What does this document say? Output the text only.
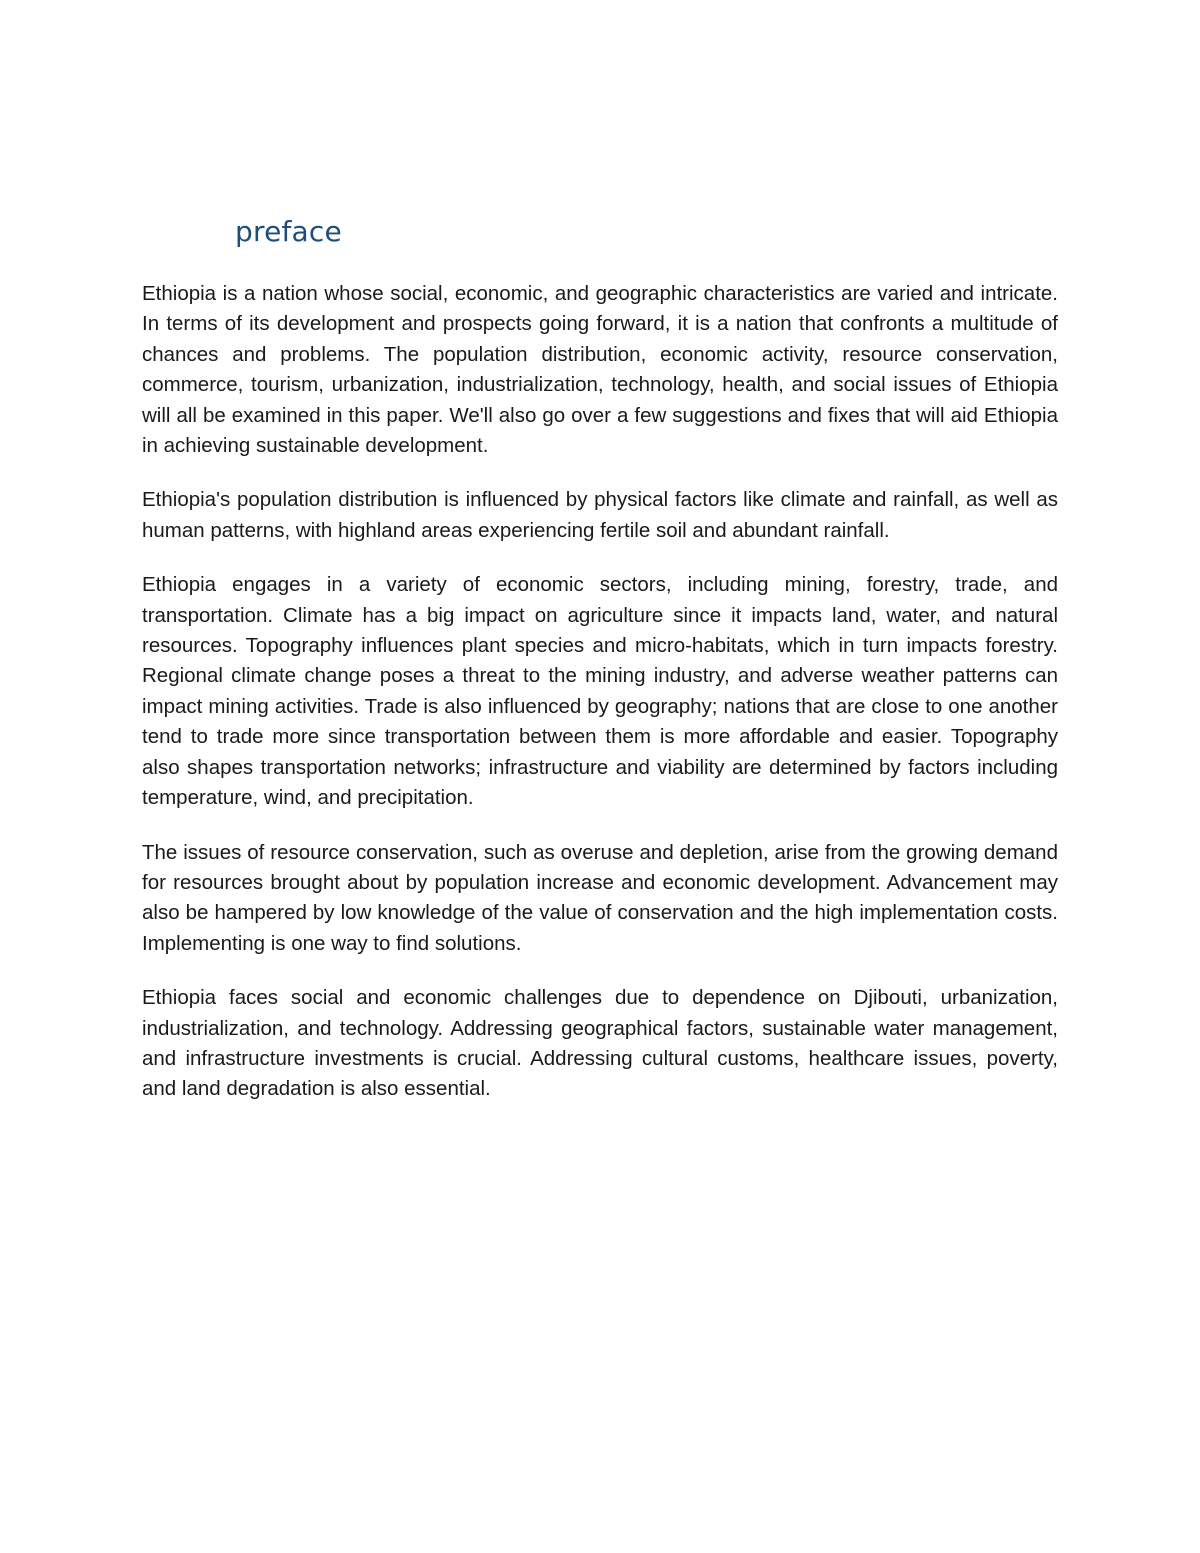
preface

Ethiopia is a nation whose social, economic, and geographic characteristics are varied and intricate. In terms of its development and prospects going forward, it is a nation that confronts a multitude of chances and problems. The population distribution, economic activity, resource conservation, commerce, tourism, urbanization, industrialization, technology, health, and social issues of Ethiopia will all be examined in this paper. We'll also go over a few suggestions and fixes that will aid Ethiopia in achieving sustainable development.

Ethiopia's population distribution is influenced by physical factors like climate and rainfall, as well as human patterns, with highland areas experiencing fertile soil and abundant rainfall.

Ethiopia engages in a variety of economic sectors, including mining, forestry, trade, and transportation. Climate has a big impact on agriculture since it impacts land, water, and natural resources. Topography influences plant species and micro-habitats, which in turn impacts forestry. Regional climate change poses a threat to the mining industry, and adverse weather patterns can impact mining activities. Trade is also influenced by geography; nations that are close to one another tend to trade more since transportation between them is more affordable and easier. Topography also shapes transportation networks; infrastructure and viability are determined by factors including temperature, wind, and precipitation.

The issues of resource conservation, such as overuse and depletion, arise from the growing demand for resources brought about by population increase and economic development. Advancement may also be hampered by low knowledge of the value of conservation and the high implementation costs. Implementing is one way to find solutions.

Ethiopia faces social and economic challenges due to dependence on Djibouti, urbanization, industrialization, and technology. Addressing geographical factors, sustainable water management, and infrastructure investments is crucial. Addressing cultural customs, healthcare issues, poverty, and land degradation is also essential.
